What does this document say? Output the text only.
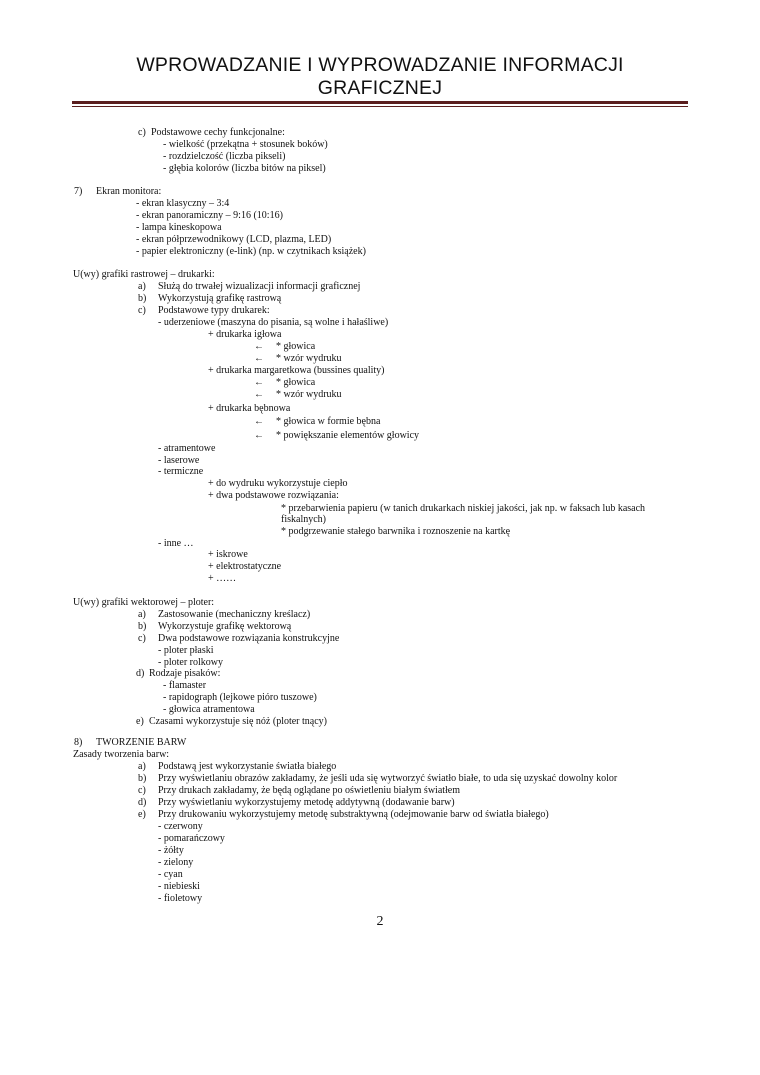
WPROWADZANIE I WYPROWADZANIE INFORMACJI
GRAFICZNEJ
c) Podstawowe cechy funkcjonalne:
- wielkość (przekątna + stosunek boków)
- rozdzielczość (liczba pikseli)
- głębia kolorów (liczba bitów na piksel)
7) Ekran monitora:
- ekran klasyczny – 3:4
- ekran panoramiczny – 9:16 (10:16)
- lampa kineskopowa
- ekran półprzewodnikowy (LCD, plazma, LED)
- papier elektroniczny (e-link) (np. w czytnikach książek)
U(wy) grafiki rastrowej – drukarki:
a) Służą do trwałej wizualizacji informacji graficznej
b) Wykorzystują grafikę rastrową
c) Podstawowe typy drukarek:
- uderzeniowe (maszyna do pisania, są wolne i hałaśliwe)
+ drukarka igłowa
← * głowica
← * wzór wydruku
+ drukarka margaretkowa (bussines quality)
← * głowica
← * wzór wydruku
+ drukarka bębnowa
← * głowica w formie bębna
← * powiększanie elementów głowicy
- atramentowe
- laserowe
- termiczne
+ do wydruku wykorzystuje ciepło
+ dwa podstawowe rozwiązania:
* przebarwienia papieru (w tanich drukarkach niskiej jakości, jak np. w faksach lub kasach
fiskalnych)
* podgrzewanie stałego barwnika i roznoszenie na kartkę
- inne …
+ iskrowe
+ elektrostatyczne
+ ……
U(wy) grafiki wektorowej – ploter:
a) Zastosowanie (mechaniczny kreślacz)
b) Wykorzystuje grafikę wektorową
c) Dwa podstawowe rozwiązania konstrukcyjne
- ploter płaski
- ploter rolkowy
d) Rodzaje pisaków:
- flamaster
- rapidograph (lejkowe pióro tuszowe)
- głowica atramentowa
e) Czasami wykorzystuje się nóż (ploter tnący)
8) TWORZENIE BARW
Zasady tworzenia barw:
a) Podstawą jest wykorzystanie światła białego
b) Przy wyświetlaniu obrazów zakładamy, że jeśli uda się wytworzyć światło białe, to uda się uzyskać dowolny kolor
c) Przy drukach zakładamy, że będą oglądane po oświetleniu białym światłem
d) Przy wyświetlaniu wykorzystujemy metodę addytywną (dodawanie barw)
e) Przy drukowaniu wykorzystujemy metodę substraktywną (odejmowanie barw od światła białego)
- czerwony
- pomarańczowy
- żółty
- zielony
- cyan
- niebieski
- fioletowy
2
